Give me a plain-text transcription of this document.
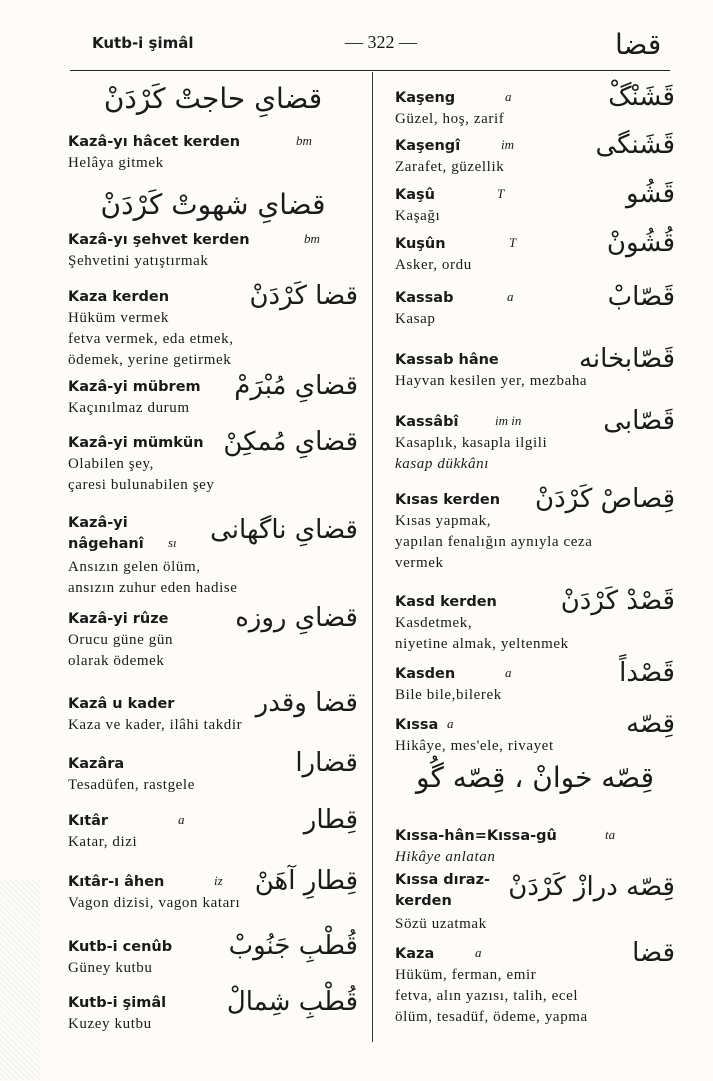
Kutb-i şimâl	— 322 —	قضا
قضاىِ حاجتْ كَرْدَنْ
Kazâ-yı hâcet kerden	bm
Helâya gitmek
قضاىِ شهوتْ كَرْدَنْ
Kazâ-yı şehvet kerden	bm
Şehvetini yatıştırmak
Kaza kerden	قضا كَرْدَنْ
Hüküm vermek
fetva vermek, eda etmek,
ödemek, yerine getirmek
Kazâ-yi mübrem قضاىِ مُبْرَمْ
Kaçınılmaz durum
Kazâ-yi mümkün قضاىِ مُمكِنْ
Olabilen şey,
çaresi bulunabilen şey
Kazâ-yi
nâgehanî sı قضاىِ ناگهانى
Ansızın gelen ölüm,
ansızın zuhur eden hadise
Kazâ-yi rûze	قضاىِ روزه
Orucu güne gün
olarak ödemek
Kazâ u kader	قضا وقدر
Kaza ve kader, ilâhi takdir
Kazâra	قضارا
Tesadüfen, rastgele
Kıtâr	a	قِطار
Katar, dizi
Kıtâr-ı âhen	iz قِطارِ آهَنْ
Vagon dizisi, vagon katarı
Kutb-i cenûb قُطْبِ جَنُوبْ
Güney kutbu
Kutb-i şimâl قُطْبِ شِمالْ
Kuzey kutbu
Kaşeng	a	قَشَنْگْ
Güzel, hoş, zarif
Kaşengî	im	قَشَنگى
Zarafet, güzellik
Kaşû	T	قَشُو
Kaşağı
Kuşûn	T	قُشُونْ
Asker, ordu
Kassab	a	قَصّابْ
Kasap
Kassab hâne	قَصّابخانه
Hayvan kesilen yer, mezbaha
Kassâbî	im in	قَصّابى
Kasaplık, kasapla ilgili
kasap dükkânı
Kısas kerden قِصاصْ كَرْدَنْ
Kısas yapmak,
yapılan fenalığın aynıyla ceza
vermek
Kasd kerden قَصْدْ كَرْدَنْ
Kasdetmek,
niyetine almak, yeltenmek
Kasden	a	قَصْداً
Bile bile,bilerek
Kıssa a	قِصّه
Hikâye, mes'ele, rivayet
قِصّه خوانْ ، قِصّه گُو
Kıssa-hân=Kıssa-gû	ta
Hikâye anlatan
Kıssa dıraz-
kerden	قِصّه درازْ كَرْدَنْ
Sözü uzatmak
Kaza	a	قضا
Hüküm, ferman, emir
fetva, alın yazısı, talih, ecel
ölüm, tesadüf, ödeme, yapma
